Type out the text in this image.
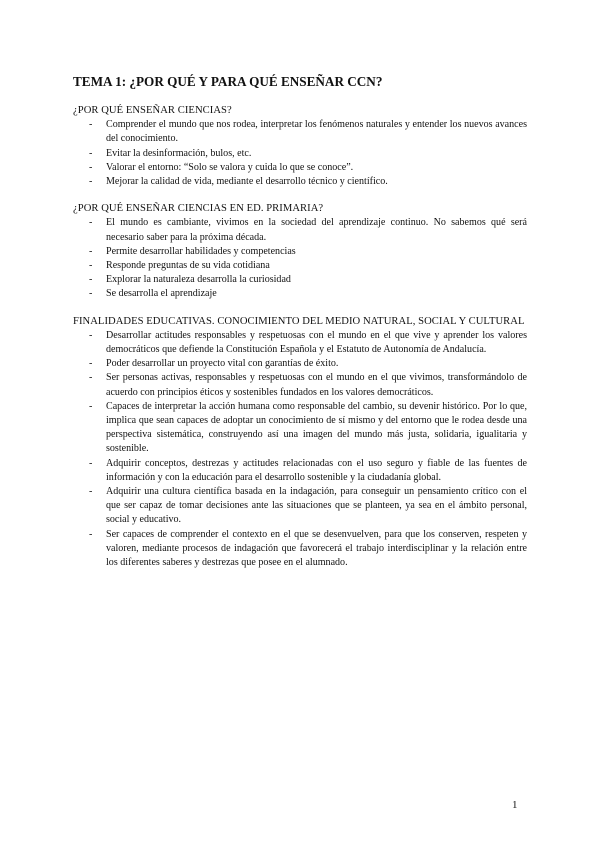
TEMA 1: ¿POR QUÉ Y PARA QUÉ ENSEÑAR CCN?
¿POR QUÉ ENSEÑAR CIENCIAS?
- Comprender el mundo que nos rodea, interpretar los fenómenos naturales y entender los nuevos avances del conocimiento.
- Evitar la desinformación, bulos, etc.
- Valorar el entorno: “Solo se valora y cuida lo que se conoce”.
- Mejorar la calidad de vida, mediante el desarrollo técnico y científico.
¿POR QUÉ ENSEÑAR CIENCIAS EN ED. PRIMARIA?
- El mundo es cambiante, vivimos en la sociedad del aprendizaje continuo. No sabemos qué será necesario saber para la próxima década.
- Permite desarrollar habilidades y competencias
- Responde preguntas de su vida cotidiana
- Explorar la naturaleza desarrolla la curiosidad
- Se desarrolla el aprendizaje
FINALIDADES EDUCATIVAS. CONOCIMIENTO DEL MEDIO NATURAL, SOCIAL Y CULTURAL
- Desarrollar actitudes responsables y respetuosas con el mundo en el que vive y aprender los valores democráticos que defiende la Constitución Española y el Estatuto de Autonomía de Andalucía.
- Poder desarrollar un proyecto vital con garantías de éxito.
- Ser personas activas, responsables y respetuosas con el mundo en el que vivimos, transformándolo de acuerdo con principios éticos y sostenibles fundados en los valores democráticos.
- Capaces de interpretar la acción humana como responsable del cambio, su devenir histórico. Por lo que, implica que sean capaces de adoptar un conocimiento de sí mismo y del entorno que le rodea desde una perspectiva sistemática, construyendo así una imagen del mundo más justa, solidaria, igualitaria y sostenible.
- Adquirir conceptos, destrezas y actitudes relacionadas con el uso seguro y fiable de las fuentes de información y con la educación para el desarrollo sostenible y la ciudadanía global.
- Adquirir una cultura científica basada en la indagación, para conseguir un pensamiento crítico con el que ser capaz de tomar decisiones ante las situaciones que se planteen, ya sea en el ámbito personal, social y educativo.
- Ser capaces de comprender el contexto en el que se desenvuelven, para que los conserven, respeten y valoren, mediante procesos de indagación que favorecerá el trabajo interdisciplinar y la relación entre los diferentes saberes y destrezas que posee en el alumnado.
1
